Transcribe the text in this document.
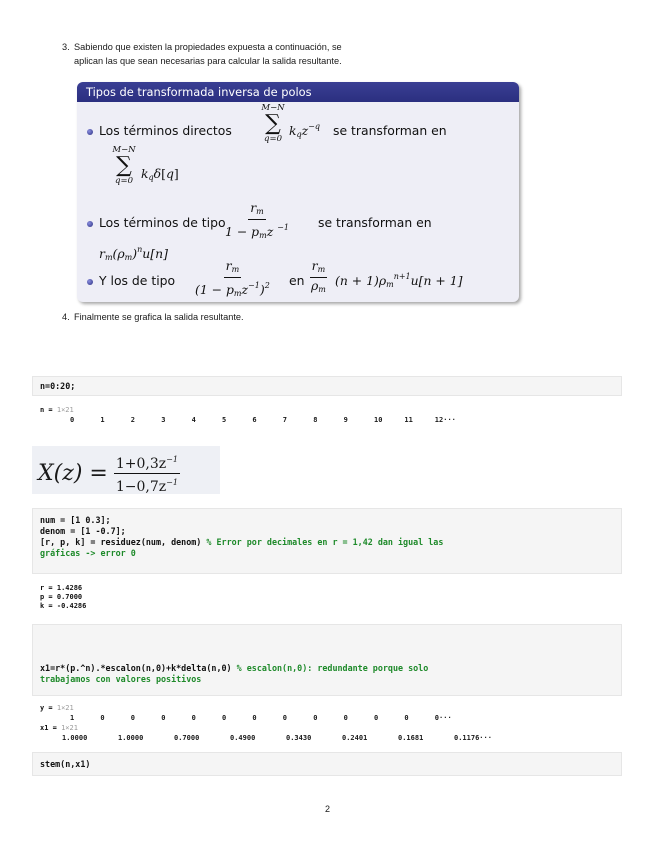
3. Sabiendo que existen la propiedades expuesta a continuación, se
aplican las que sean necesarias para calcular la salida resultante.
Tipos de transformada inversa de polos
Los términos directos
M−N
∑
q=0
$k_qz^{-q}$ se transforman en
M−N
∑
q=0 $k_q\delta[q]$
Los términos de tipo
$\frac{r_m}{1 - p_mz ^{-1}}$ se transforman en
$r_m(\rho_m)^nu[n]$
Y los de tipo $\frac{r_m}{(1 - p_mz^{-1})^2}$ en $\frac{r_m}{\rho_m} (n + 1)\rho_m^{n+1}u[n + 1]$
4. Finalmente se grafica la salida resultante.
n=0:20;
n = 1×21
0	1	2	3	4	5	6	7	8	9	10	11	12···
$X(z) = \frac{1+0,3z^{-1}}{1-0,7z^{-1}}$
num = [1 0.3];
denom = [1 -0.7];
[r, p, k] = residuez(num, denom) % Error por decimales en r = 1,42 dan igual las
gráficas -> error 0
r = 1.4286
p = 0.7000
k = -0.4286
x1=r*(p.^n).*escalon(n,0)+k*delta(n,0) % escalon(n,0): redundante porque solo
trabajamos con valores positivos
y = 1×21
1	0	0	0	0	0	0	0	0	0	0	0	0···
x1 = 1×21
1.0000	1.0000	0.7000	0.4900	0.3430	0.2401	0.1681	0.1176···
stem(n,x1)
2
